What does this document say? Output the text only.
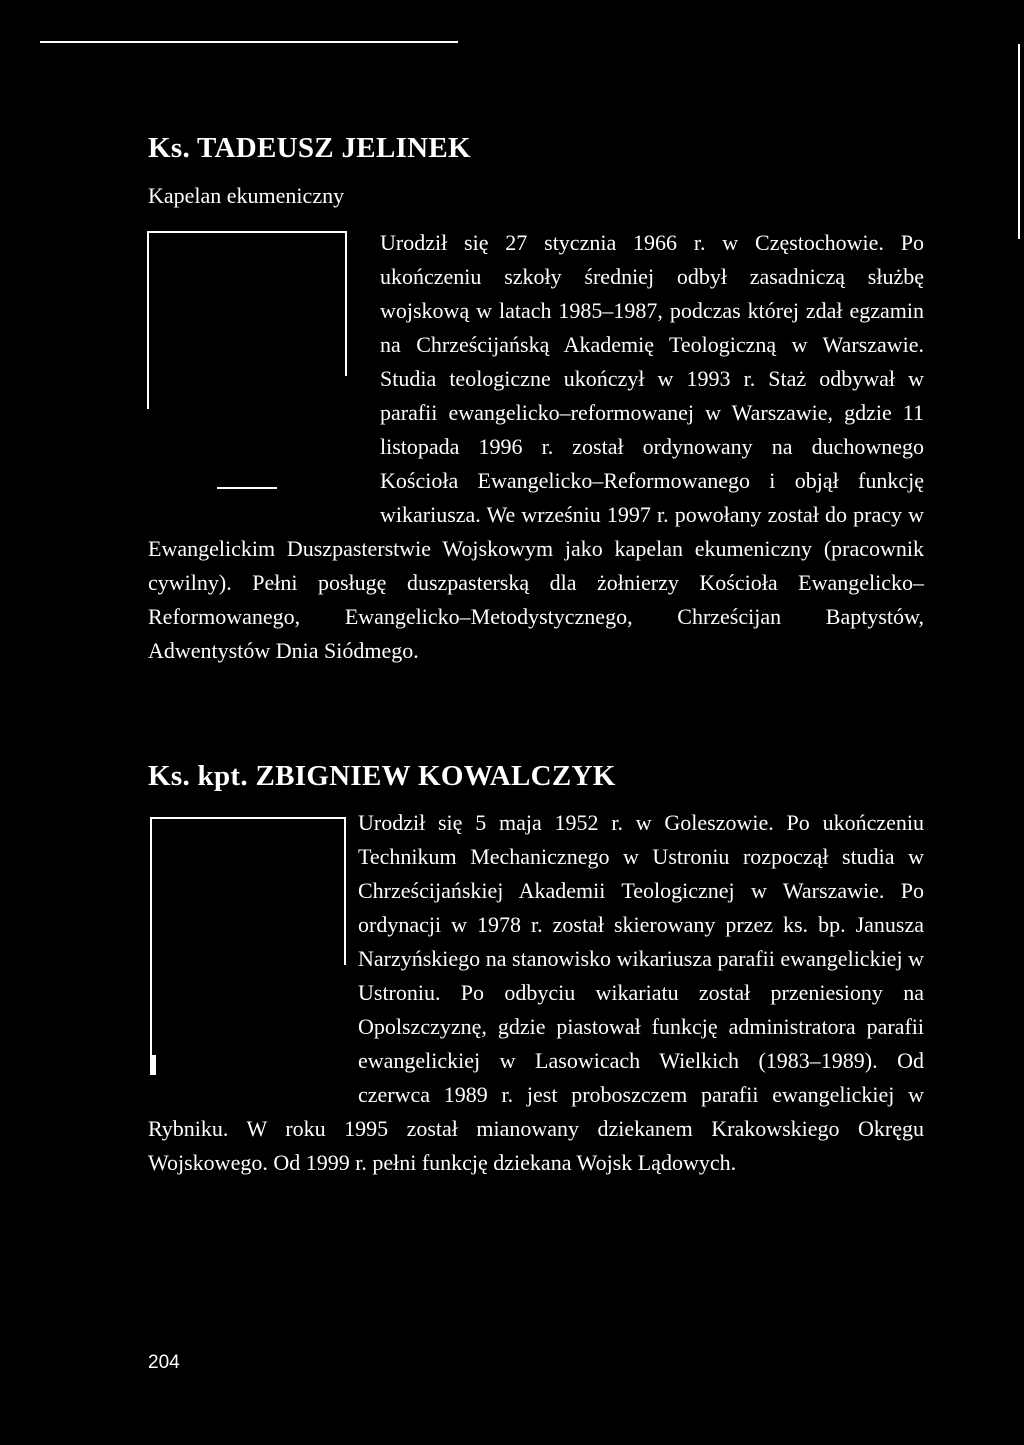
Ks. TADEUSZ JELINEK
Kapelan ekumeniczny

Urodził się 27 stycznia 1966 r. w Częstochowie. Po ukończeniu szkoły średniej odbył zasadniczą służbę wojskową w latach 1985–1987, podczas której zdał egzamin na Chrześcijańską Akademię Teologiczną w Warszawie. Studia teologiczne ukończył w 1993 r. Staż odbywał w parafii ewangelicko–reformowanej w Warszawie, gdzie 11 listopada 1996 r. został ordynowany na duchownego Kościoła Ewangelicko–Reformowanego i objął funkcję wikariusza. We wrześniu 1997 r. powołany został do pracy w Ewangelickim Duszpasterstwie Wojskowym jako kapelan ekumeniczny (pracownik cywilny). Pełni posługę duszpasterską dla żołnierzy Kościoła Ewangelicko–Reformowanego, Ewangelicko–Metodystycznego, Chrześcijan Baptystów, Adwentystów Dnia Siódmego.

Ks. kpt. ZBIGNIEW KOWALCZYK

Urodził się 5 maja 1952 r. w Goleszowie. Po ukończeniu Technikum Mechanicznego w Ustroniu rozpoczął studia w Chrześcijańskiej Akademii Teologicznej w Warszawie. Po ordynacji w 1978 r. został skierowany przez ks. bp. Janusza Narzyńskiego na stanowisko wikariusza parafii ewangelickiej w Ustroniu. Po odbyciu wikariatu został przeniesiony na Opolszczyznę, gdzie piastował funkcję administratora parafii ewangelickiej w Lasowicach Wielkich (1983–1989). Od czerwca 1989 r. jest proboszczem parafii ewangelickiej w Rybniku. W roku 1995 został mianowany dziekanem Krakowskiego Okręgu Wojskowego. Od 1999 r. pełni funkcję dziekana Wojsk Lądowych.

204
